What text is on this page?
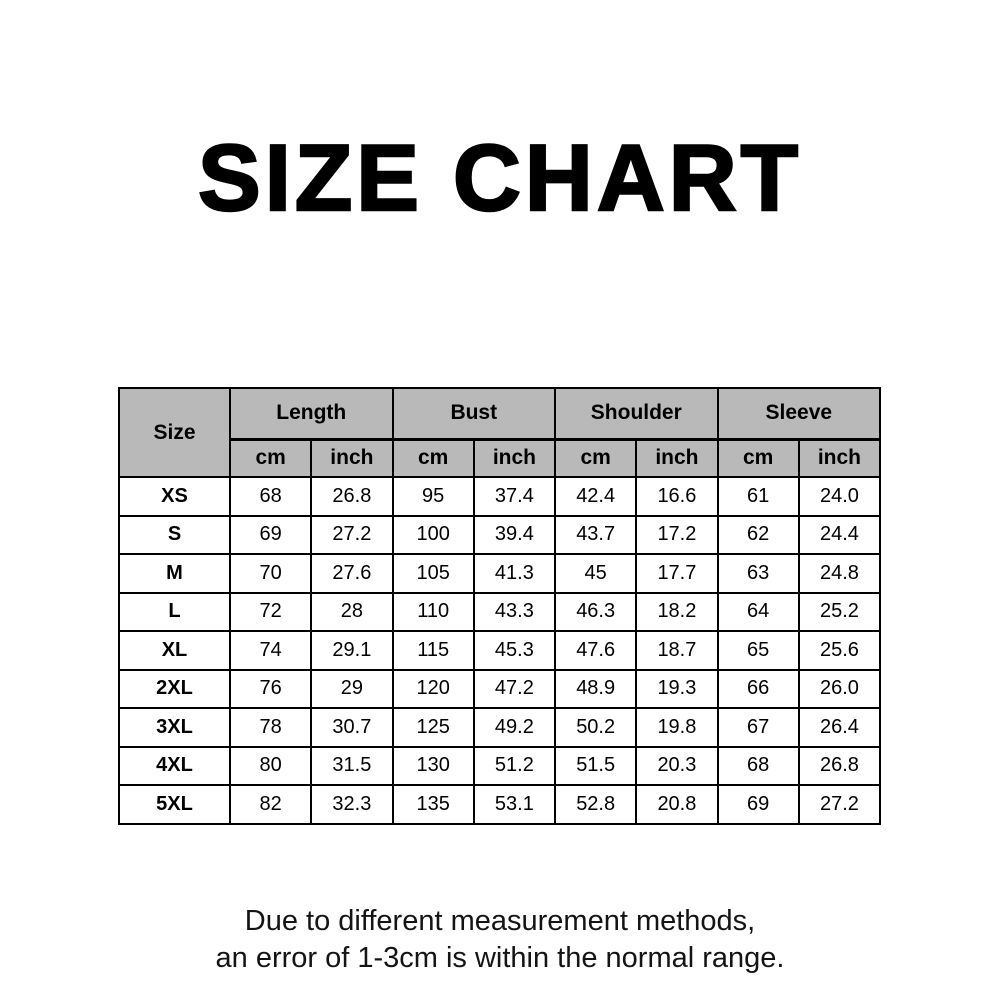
SIZE CHART
Size	Length		Bust		Shoulder		Sleeve	
	cm	inch	cm	inch	cm	inch	cm	inch
XS	68	26.8	95	37.4	42.4	16.6	61	24.0
S	69	27.2	100	39.4	43.7	17.2	62	24.4
M	70	27.6	105	41.3	45	17.7	63	24.8
L	72	28	110	43.3	46.3	18.2	64	25.2
XL	74	29.1	115	45.3	47.6	18.7	65	25.6
2XL	76	29	120	47.2	48.9	19.3	66	26.0
3XL	78	30.7	125	49.2	50.2	19.8	67	26.4
4XL	80	31.5	130	51.2	51.5	20.3	68	26.8
5XL	82	32.3	135	53.1	52.8	20.8	69	27.2
Due to different measurement methods,
an error of 1-3cm is within the normal range.
